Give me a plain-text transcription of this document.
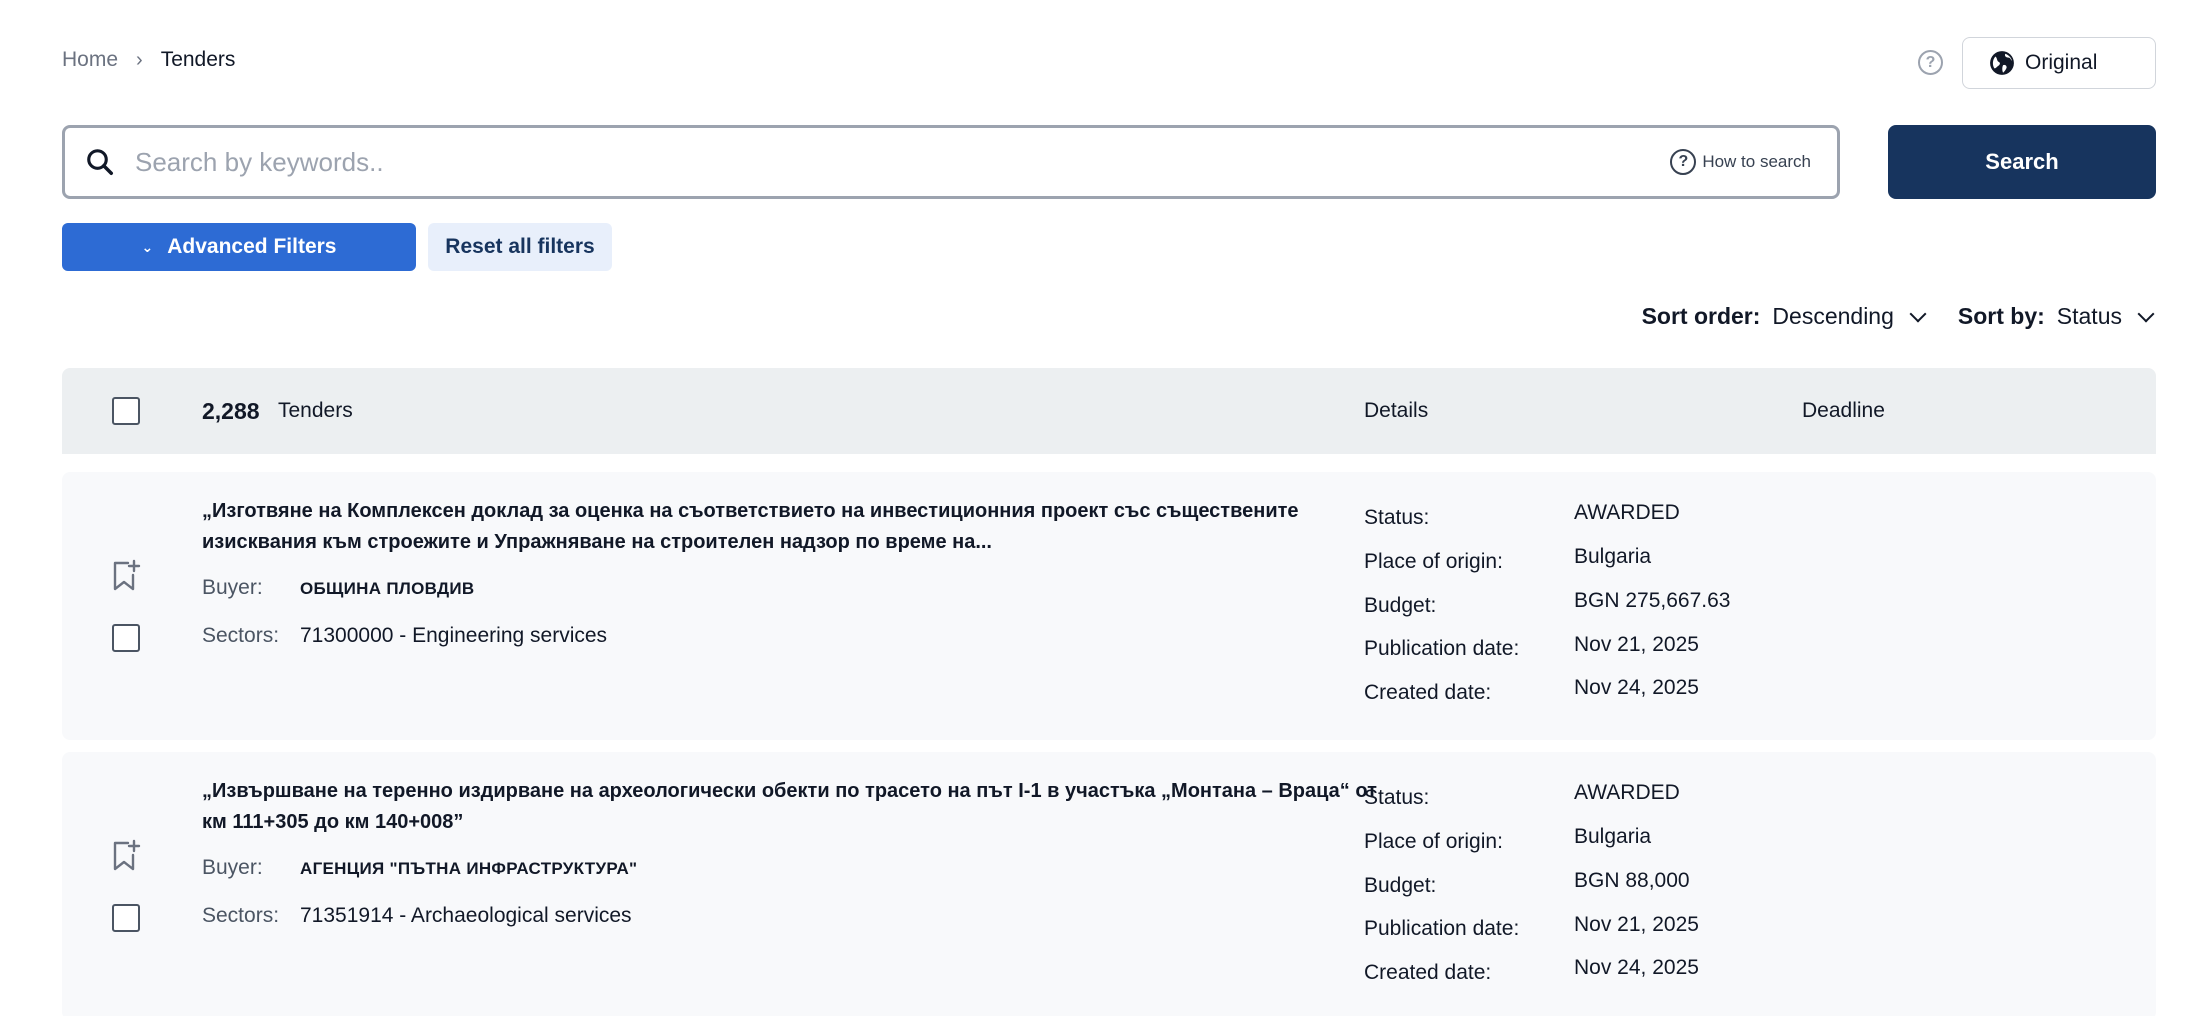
Home › Tenders	?	Original
Search by keywords..
? How to search	Search
⌄ Advanced Filters	Reset all filters
Sort order: Descending	Sort by: Status
2,288 Tenders	Details	Deadline
„Изготвяне на Комплексен доклад за оценка на съответствието на инвестиционния проект със съществените изисквания към строежите и Упражняване на строителен надзор по време на...
Buyer: ОБЩИНА ПЛОВДИВ
Sectors: 71300000 - Engineering services
Status:	AWARDED
Place of origin:	Bulgaria
Budget:	BGN 275,667.63
Publication date:	Nov 21, 2025
Created date:	Nov 24, 2025
„Извършване на теренно издирване на археологически обекти по трасето на път I-1 в участъка „Монтана – Враца“ от км 111+305 до км 140+008”
Buyer: АГЕНЦИЯ "ПЪТНА ИНФРАСТРУКТУРА"
Sectors: 71351914 - Archaeological services
Status:	AWARDED
Place of origin:	Bulgaria
Budget:	BGN 88,000
Publication date:	Nov 21, 2025
Created date:	Nov 24, 2025
